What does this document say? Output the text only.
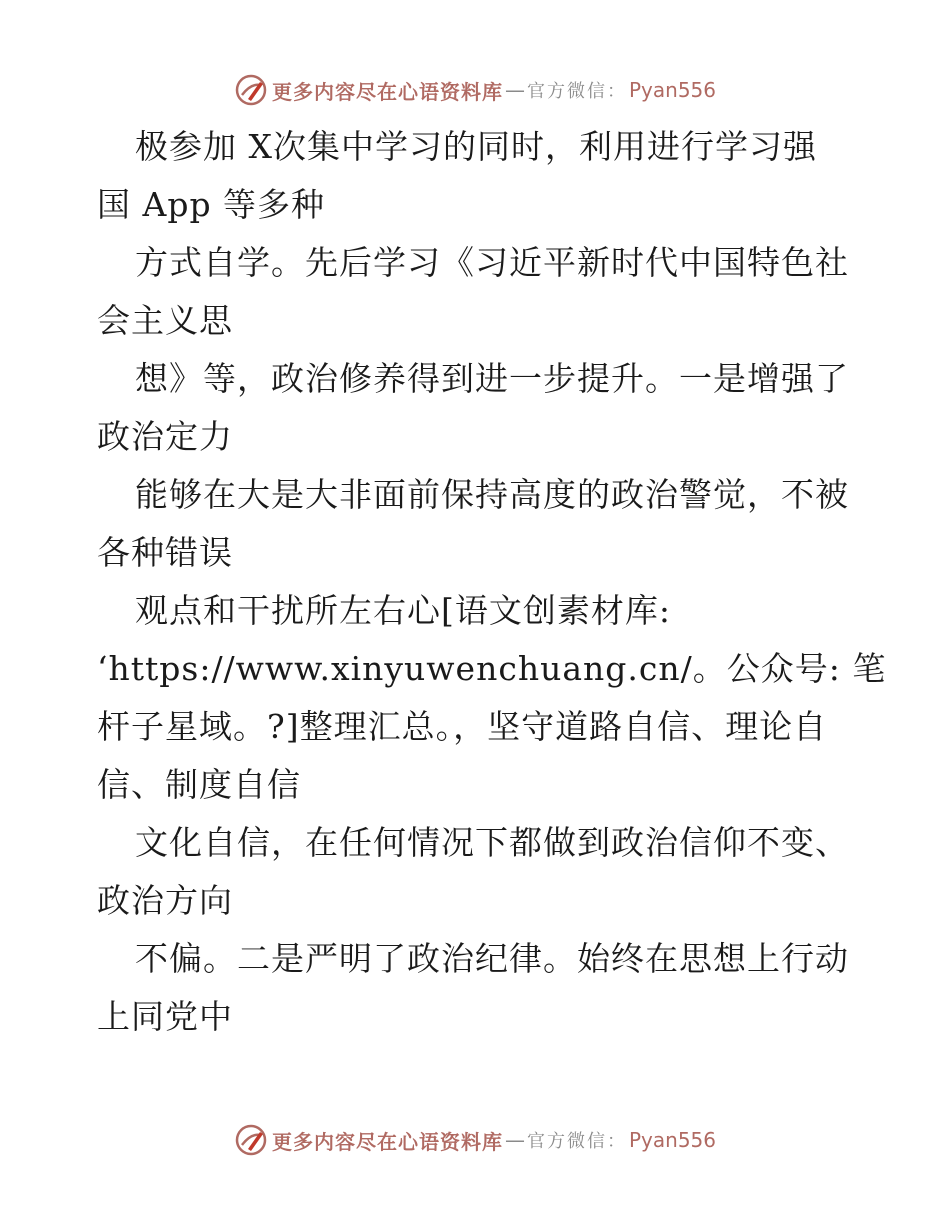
更多内容尽在心语资料库 — 官方微信： Pyan556
极参加 X次集中学习的同时，利用进行学习强
国 App 等多种
方式自学。先后学习《习近平新时代中国特色社
会主义思
想》等，政治修养得到进一步提升。一是增强了
政治定力
能够在大是大非面前保持高度的政治警觉，不被
各种错误
观点和干扰所左右心[语文创素材库:
‘https://www.xinyuwenchuang.cn/。公众号: 笔
杆子星域。?]整理汇总。，坚守道路自信、理论自
信、制度自信
文化自信，在任何情况下都做到政治信仰不变、
政治方向
不偏。二是严明了政治纪律。始终在思想上行动
上同党中
更多内容尽在心语资料库 — 官方微信： Pyan556
